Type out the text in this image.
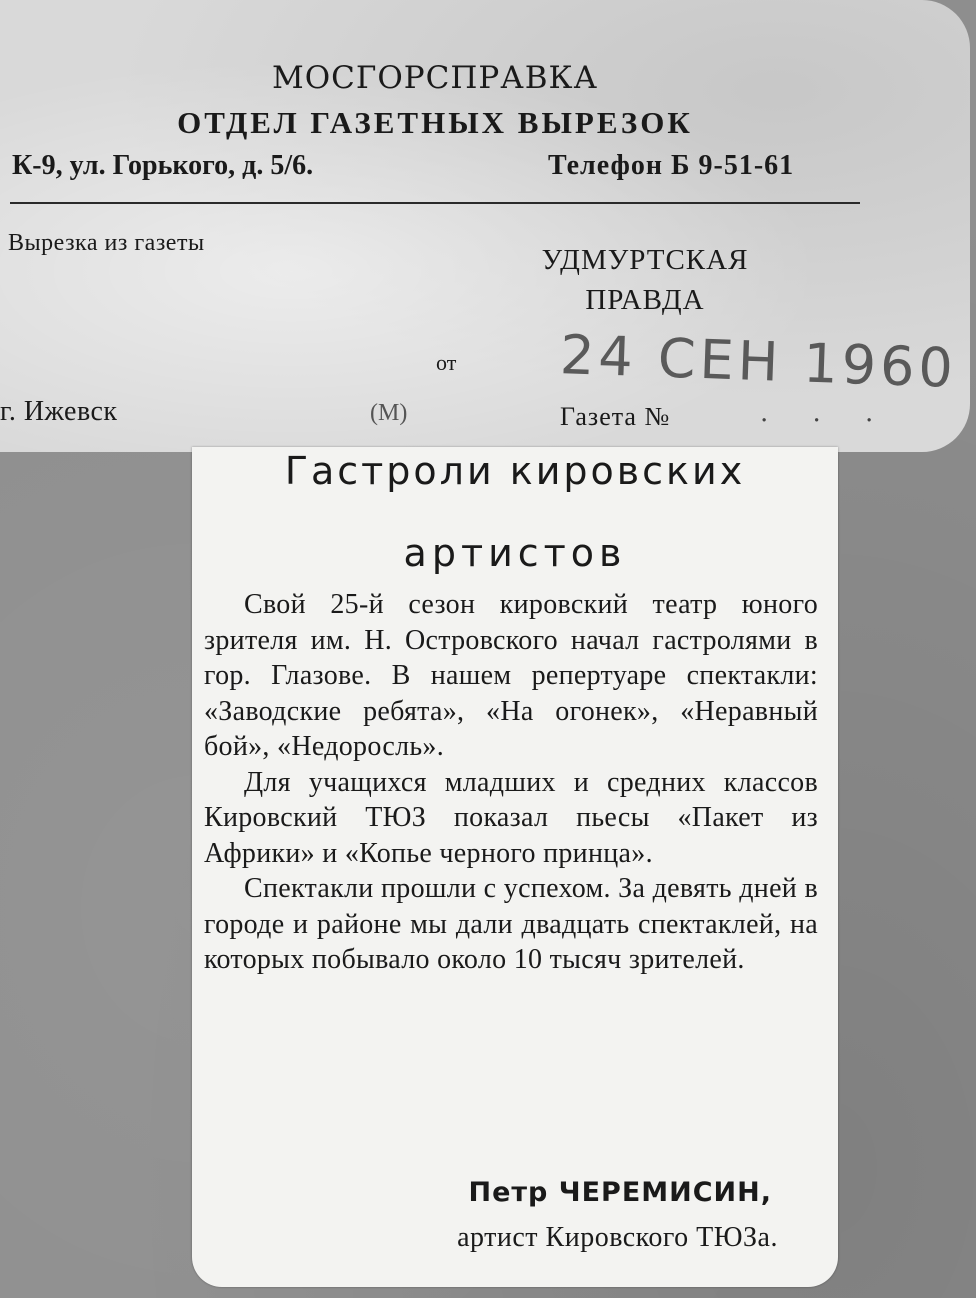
МОСГОРСПРАВКА

ОТДЕЛ ГАЗЕТНЫХ ВЫРЕЗОК

К-9, ул. Горького, д. 5/6.	Телефон Б 9-51-61
Вырезка из газеты
УДМУРТСКАЯ
ПРАВДА
от 24 СЕН 1960
г. Ижевск	(М)	Газета №	. . .
Гастроли кировских
артистов

Свой 25-й сезон кировский театр юного зрителя им. Н. Островского начал гастролями в гор. Глазове. В нашем репертуаре спектакли: «Заводские ребята», «На огонек», «Неравный бой», «Недоросль».

Для учащихся младших и средних классов Кировский ТЮЗ показал пьесы «Пакет из Африки» и «Копье черного принца».

Спектакли прошли с успехом. За девять дней в городе и районе мы дали двадцать спектаклей, на которых побывало около 10 тысяч зрителей.

Петр ЧЕРЕМИСИН,
артист Кировского ТЮЗа.
